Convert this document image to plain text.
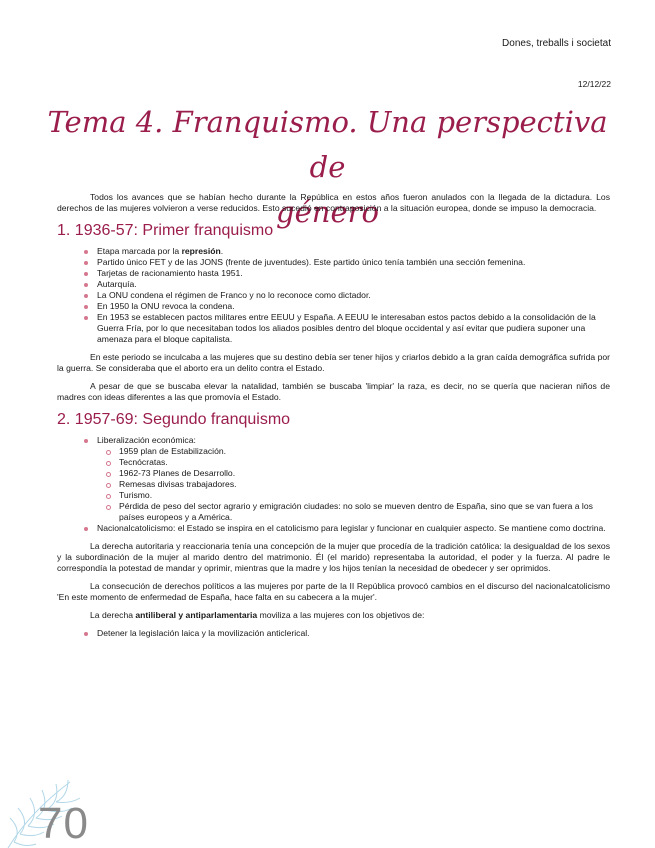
Dones, treballs i societat
12/12/22
Tema 4. Franquismo. Una perspectiva de
género

Todos los avances que se habían hecho durante la República en estos años fueron anulados con la llegada de la dictadura. Los derechos de las mujeres volvieron a verse reducidos. Esto sucedió en contraposición a la situación europea, donde se impuso la democracia.

1. 1936-57: Primer franquismo
Etapa marcada por la represión.
Partido único FET y de las JONS (frente de juventudes). Este partido único tenía también una sección femenina.
Tarjetas de racionamiento hasta 1951.
Autarquía.
La ONU condena el régimen de Franco y no lo reconoce como dictador.
En 1950 la ONU revoca la condena.
En 1953 se establecen pactos militares entre EEUU y España. A EEUU le interesaban estos pactos debido a la consolidación de la Guerra Fría, por lo que necesitaban todos los aliados posibles dentro del bloque occidental y así evitar que pudiera suponer una amenaza para el bloque capitalista.

En este periodo se inculcaba a las mujeres que su destino debía ser tener hijos y criarlos debido a la gran caída demográfica sufrida por la guerra. Se consideraba que el aborto era un delito contra el Estado.

A pesar de que se buscaba elevar la natalidad, también se buscaba 'limpiar' la raza, es decir, no se quería que nacieran niños de madres con ideas diferentes a las que promovía el Estado.

2. 1957-69: Segundo franquismo
Liberalización económica:
1959 plan de Estabilización.
Tecnócratas.
1962-73 Planes de Desarrollo.
Remesas divisas trabajadores.
Turismo.
Pérdida de peso del sector agrario y emigración ciudades: no solo se mueven dentro de España, sino que se van fuera a los países europeos y a América.
Nacionalcatolicismo: el Estado se inspira en el catolicismo para legislar y funcionar en cualquier aspecto. Se mantiene como doctrina.

La derecha autoritaria y reaccionaria tenía una concepción de la mujer que procedía de la tradición católica: la desigualdad de los sexos y la subordinación de la mujer al marido dentro del matrimonio. Él (el marido) representaba la autoridad, el poder y la fuerza. Al padre le correspondía la potestad de mandar y oprimir, mientras que la madre y los hijos tenían la necesidad de obedecer y ser oprimidos.

La consecución de derechos políticos a las mujeres por parte de la II República provocó cambios en el discurso del nacionalcatolicismo 'En este momento de enfermedad de España, hace falta en su cabecera a la mujer'.

La derecha antiliberal y antiparlamentaria moviliza a las mujeres con los objetivos de:

Detener la legislación laica y la movilización anticlerical.
70
